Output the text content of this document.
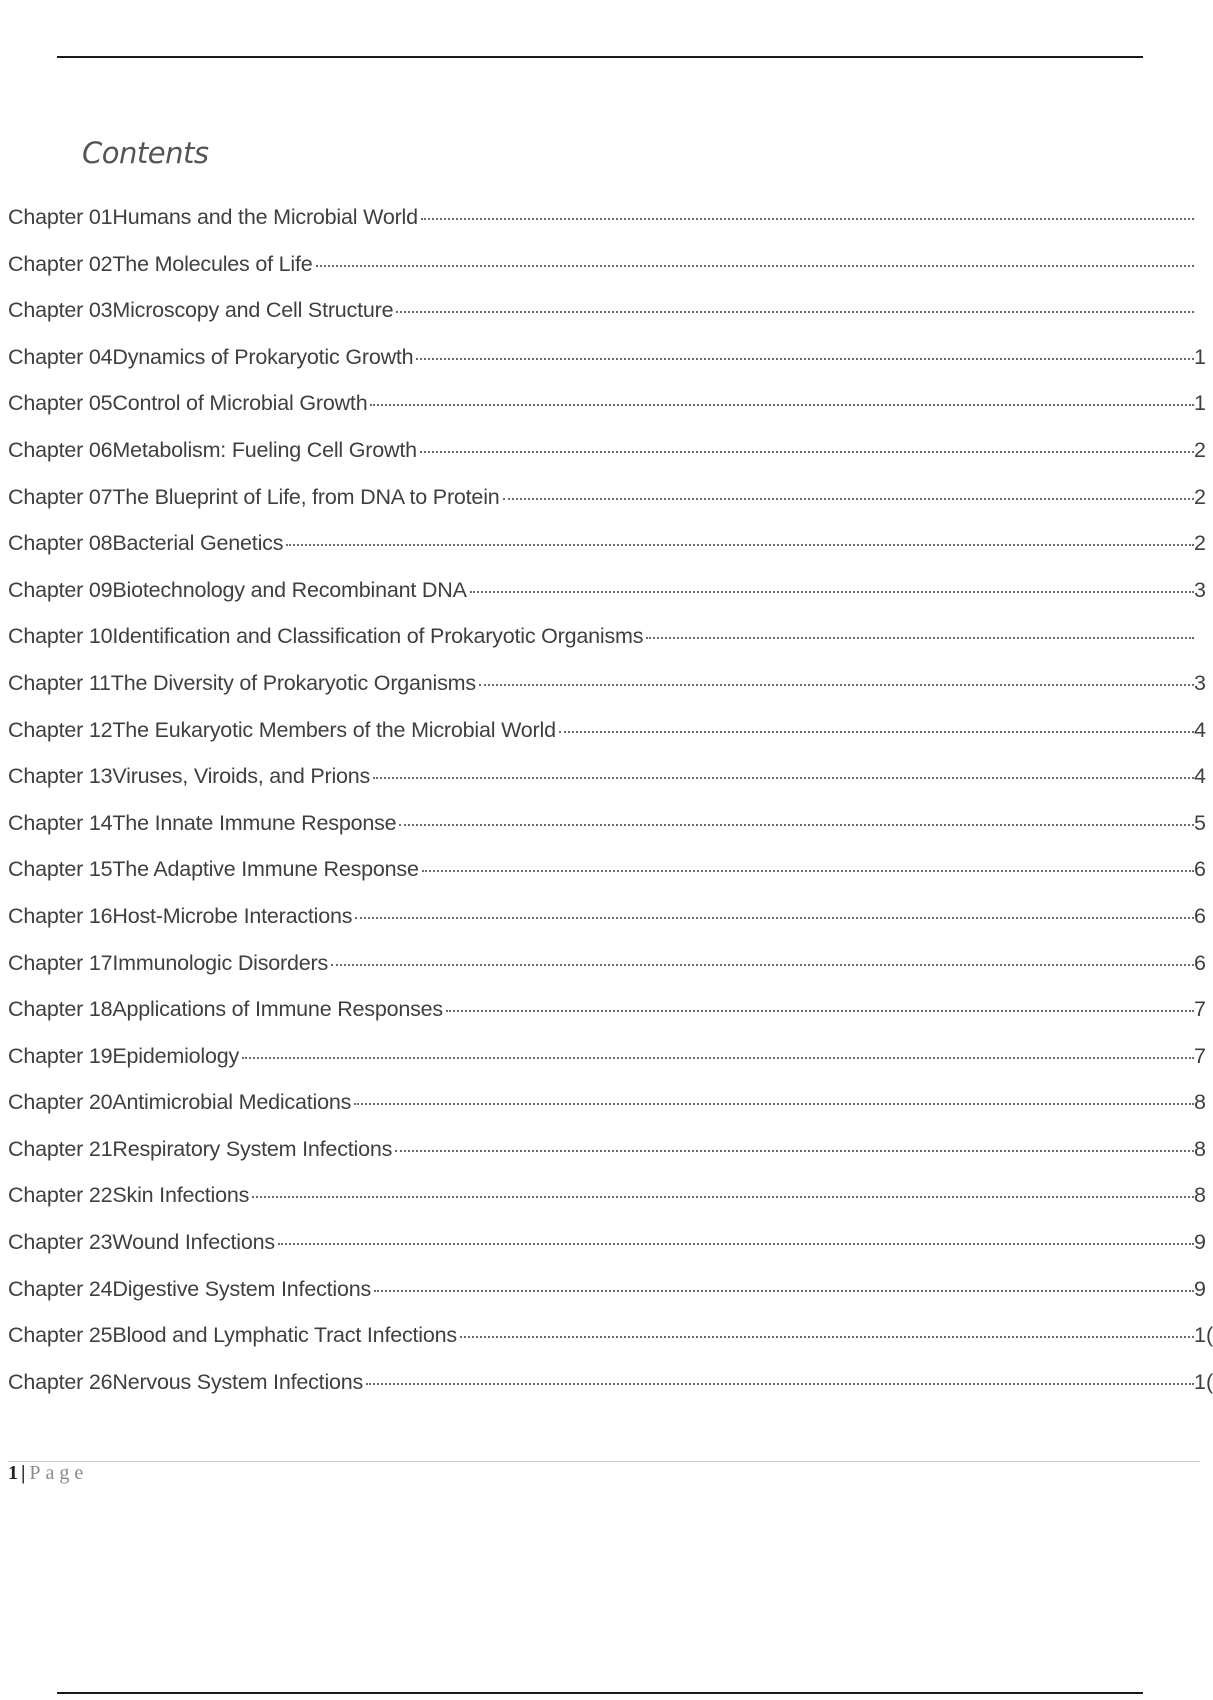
Contents
Chapter 01Humans and the Microbial World
Chapter 02The Molecules of Life
Chapter 03Microscopy and Cell Structure
Chapter 04Dynamics of Prokaryotic Growth	1
Chapter 05Control of Microbial Growth	1
Chapter 06Metabolism: Fueling Cell Growth	2
Chapter 07The Blueprint of Life, from DNA to Protein	2
Chapter 08Bacterial Genetics	2
Chapter 09Biotechnology and Recombinant DNA	3
Chapter 10Identification and Classification of Prokaryotic Organisms
Chapter 11The Diversity of Prokaryotic Organisms	3
Chapter 12The Eukaryotic Members of the Microbial World	4
Chapter 13Viruses, Viroids, and Prions	4
Chapter 14The Innate Immune Response	5
Chapter 15The Adaptive Immune Response	6
Chapter 16Host-Microbe Interactions	6
Chapter 17Immunologic Disorders	6
Chapter 18Applications of Immune Responses	7
Chapter 19Epidemiology	7
Chapter 20Antimicrobial Medications	8
Chapter 21Respiratory System Infections	8
Chapter 22Skin Infections	8
Chapter 23Wound Infections	9
Chapter 24Digestive System Infections	9
Chapter 25Blood and Lymphatic Tract Infections	1(
Chapter 26Nervous System Infections	1(
1 | Page
